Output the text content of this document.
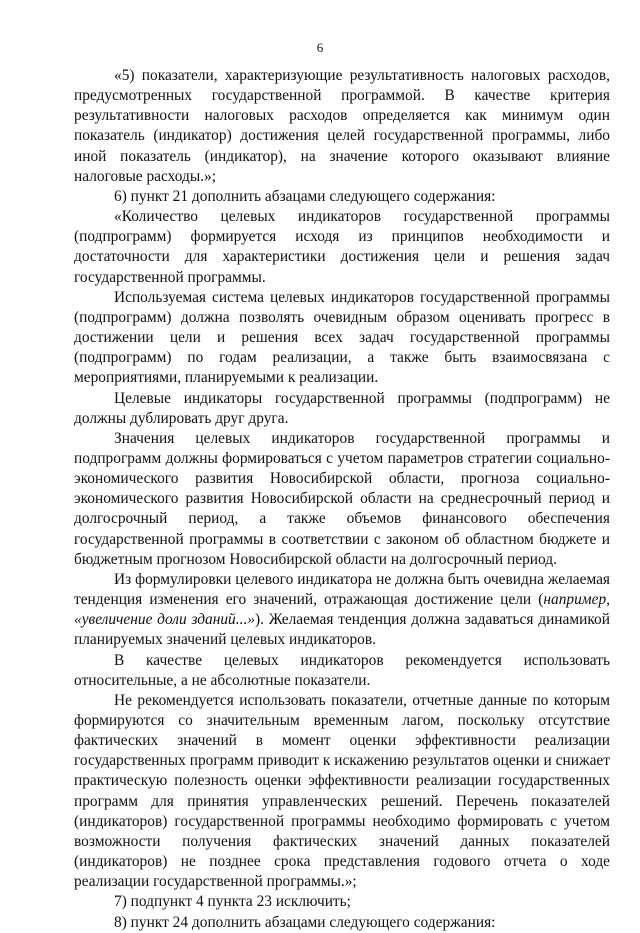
6

«5) показатели, характеризующие результативность налоговых расходов, предусмотренных государственной программой. В качестве критерия результативности налоговых расходов определяется как минимум один показатель (индикатор) достижения целей государственной программы, либо иной показатель (индикатор), на значение которого оказывают влияние налоговые расходы.»;

6) пункт 21 дополнить абзацами следующего содержания:

«Количество целевых индикаторов государственной программы (подпрограмм) формируется исходя из принципов необходимости и достаточности для характеристики достижения цели и решения задач государственной программы.

Используемая система целевых индикаторов государственной программы (подпрограмм) должна позволять очевидным образом оценивать прогресс в достижении цели и решения всех задач государственной программы (подпрограмм) по годам реализации, а также быть взаимосвязана с мероприятиями, планируемыми к реализации.

Целевые индикаторы государственной программы (подпрограмм) не должны дублировать друг друга.

Значения целевых индикаторов государственной программы и подпрограмм должны формироваться с учетом параметров стратегии социально-экономического развития Новосибирской области, прогноза социально-экономического развития Новосибирской области на среднесрочный период и долгосрочный период, а также объемов финансового обеспечения государственной программы в соответствии с законом об областном бюджете и бюджетным прогнозом Новосибирской области на долгосрочный период.

Из формулировки целевого индикатора не должна быть очевидна желаемая тенденция изменения его значений, отражающая достижение цели (например, «увеличение доли зданий...»). Желаемая тенденция должна задаваться динамикой планируемых значений целевых индикаторов.

В качестве целевых индикаторов рекомендуется использовать относительные, а не абсолютные показатели.

Не рекомендуется использовать показатели, отчетные данные по которым формируются со значительным временным лагом, поскольку отсутствие фактических значений в момент оценки эффективности реализации государственных программ приводит к искажению результатов оценки и снижает практическую полезность оценки эффективности реализации государственных программ для принятия управленческих решений. Перечень показателей (индикаторов) государственной программы необходимо формировать с учетом возможности получения фактических значений данных показателей (индикаторов) не позднее срока представления годового отчета о ходе реализации государственной программы.»;

7) подпункт 4 пункта 23 исключить;

8) пункт 24 дополнить абзацами следующего содержания:
